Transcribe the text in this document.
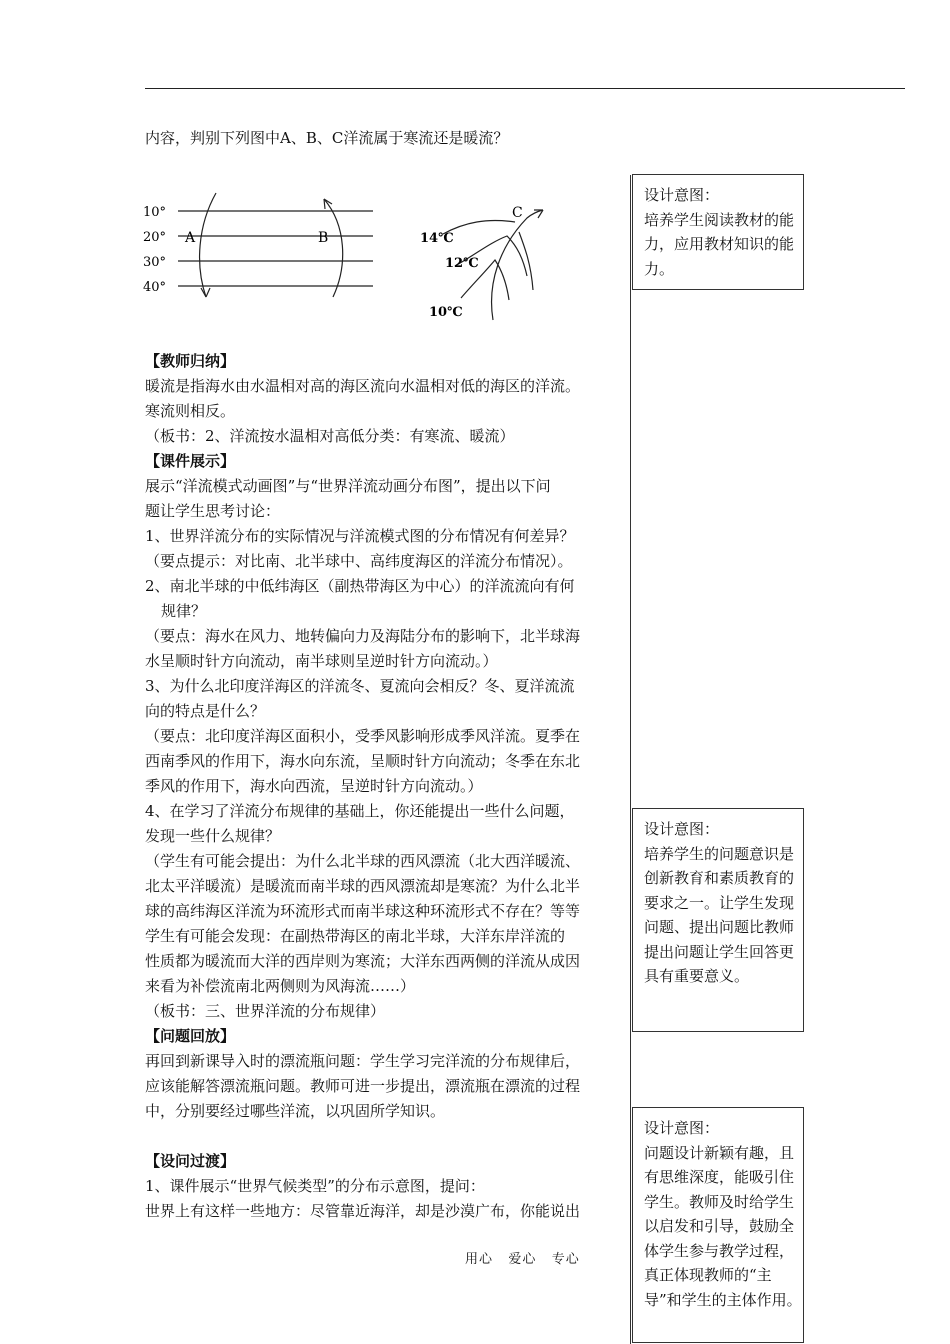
内容，判别下列图中A、B、C洋流属于寒流还是暖流？

10°
20°
30°
40°
A	B
C
14℃
12℃
10℃

【教师归纳】

暖流是指海水由水温相对高的海区流向水温相对低的海区的洋流。

寒流则相反。

（板书：2、洋流按水温相对高低分类：有寒流、暖流）

【课件展示】

展示“洋流模式动画图”与“世界洋流动画分布图”，提出以下问

题让学生思考讨论：

1、世界洋流分布的实际情况与洋流模式图的分布情况有何差异？

（要点提示：对比南、北半球中、高纬度海区的洋流分布情况）。

2、南北半球的中低纬海区（副热带海区为中心）的洋流流向有何

规律？

（要点：海水在风力、地转偏向力及海陆分布的影响下，北半球海

水呈顺时针方向流动，南半球则呈逆时针方向流动。）

3、为什么北印度洋海区的洋流冬、夏流向会相反？冬、夏洋流流

向的特点是什么？

（要点：北印度洋海区面积小，受季风影响形成季风洋流。夏季在

西南季风的作用下，海水向东流，呈顺时针方向流动；冬季在东北

季风的作用下，海水向西流，呈逆时针方向流动。）

4、在学习了洋流分布规律的基础上，你还能提出一些什么问题，

发现一些什么规律？

（学生有可能会提出：为什么北半球的西风漂流（北大西洋暖流、

北太平洋暖流）是暖流而南半球的西风漂流却是寒流？为什么北半

球的高纬海区洋流为环流形式而南半球这种环流形式不存在？等等

学生有可能会发现：在副热带海区的南北半球，大洋东岸洋流的

性质都为暖流而大洋的西岸则为寒流；大洋东西两侧的洋流从成因

来看为补偿流南北两侧则为风海流……）

（板书：三、世界洋流的分布规律）

【问题回放】

再回到新课导入时的漂流瓶问题：学生学习完洋流的分布规律后，

应该能解答漂流瓶问题。教师可进一步提出，漂流瓶在漂流的过程

中，分别要经过哪些洋流，以巩固所学知识。

【设问过渡】

1、课件展示“世界气候类型”的分布示意图，提问：

世界上有这样一些地方：尽管靠近海洋，却是沙漠广布，你能说出

设计意图：

培养学生阅读教材的能力，应用教材知识的能力。

设计意图：

培养学生的问题意识是创新教育和素质教育的要求之一。让学生发现问题、提出问题比教师提出问题让学生回答更具有重要意义。

设计意图：

问题设计新颖有趣，且有思维深度，能吸引住学生。教师及时给学生以启发和引导，鼓励全体学生参与教学过程，真正体现教师的“主导”和学生的主体作用。

用心   爱心   专心
